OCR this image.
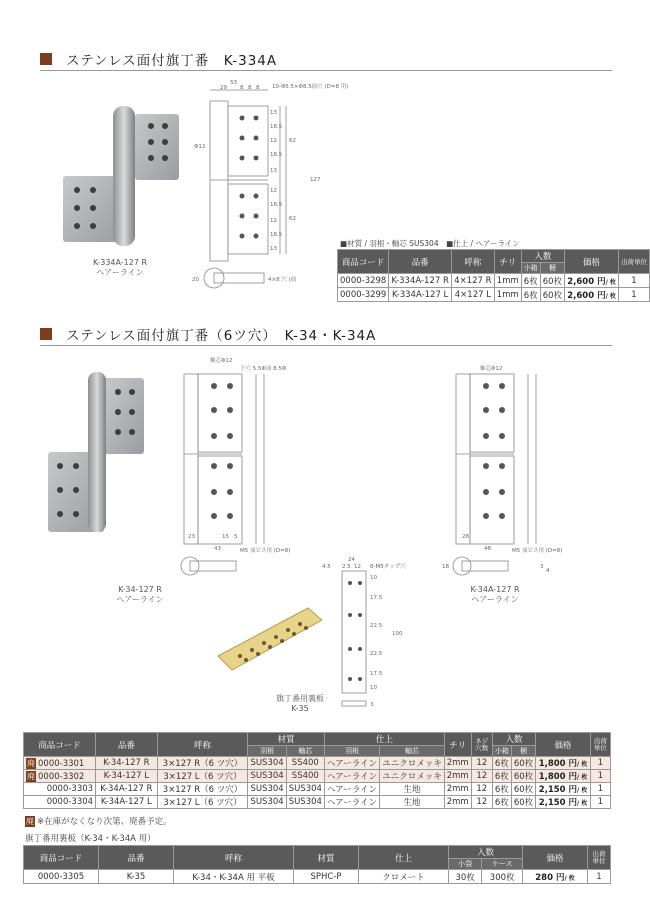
ステンレス面付旗丁番　K-334A
K-334A-127 R
ヘアーライン
53
29 8 8 8 10-Φ5.5×Φ8.5皿穴 (D=8 用)
Φ12
13
18.5
12
18.5
13
12
18.5
12
18.5
13
62
62
127
20	4×8 穴 (皿
■材質 / 羽根・軸芯 SUS304　■仕上 / ヘアーライン
商品コード	品番	呼称	チリ	入数		価格	出荷単位
				小箱	梱		
0000-3298	K-334A-127 R	4×127 R	1mm	6枚	60枚	2,600 円/ 枚	1
0000-3299	K-334A-127 L	4×127 L	1mm	6枚	60枚	2,600 円/ 枚	1
ステンレス面付旗丁番（6ツ穴）　K-34・K-34A
軸芯Φ12
下穴 5.5Φ皿 8.5Φ
M5 皿ビス用 (D=8)
43
23	15 5
K-34-127 R
ヘアーライン
軸芯Φ12
M5 皿ビス用 (D=8)
48
28
18	3
4
K-34A-127 R
ヘアーライン
旗丁番用裏板
K-35
24
4.5 2.5 12 8-M5タップ穴
100
17.5
22.5
22.5
17.5
10
10
3
商品コード	品番	呼称	材質		仕上		チリ	ネジ穴数	入数		価格	出荷単位
			羽根	軸芯	羽根	軸芯			小箱	梱		
廃 0000-3301	K-34-127 R	3×127 R（6 ツ穴）	SUS304	SS400	ヘアーライン	ユニクロメッキ	2mm	12	6枚	60枚	1,800 円/ 枚	1
廃 0000-3302	K-34-127 L	3×127 L（6 ツ穴）	SUS304	SS400	ヘアーライン	ユニクロメッキ	2mm	12	6枚	60枚	1,800 円/ 枚	1
0000-3303	K-34A-127 R	3×127 R（6 ツ穴）	SUS304	SUS304	ヘアーライン	生地	2mm	12	6枚	60枚	2,150 円/ 枚	1
0000-3304	K-34A-127 L	3×127 L（6 ツ穴）	SUS304	SUS304	ヘアーライン	生地	2mm	12	6枚	60枚	2,150 円/ 枚	1
廃 ※在庫がなくなり次第、廃番予定。
旗丁番用裏板（K-34・K-34A 用）
商品コード	品番	呼称	材質	仕上	入数		価格	出荷単位
					小袋	ケース		
0000-3305	K-35	K-34・K-34A 用 平板	SPHC-P	クロメート	30枚	300枚	280 円/ 枚	1
